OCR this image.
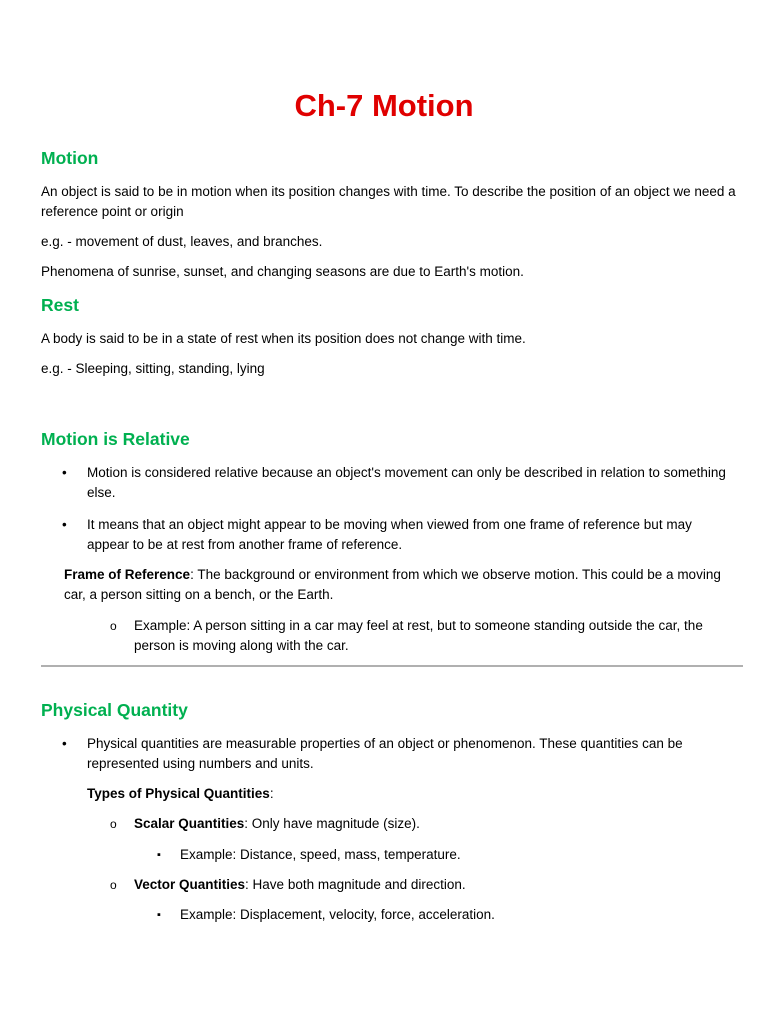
Ch-7 Motion
Motion
An object is said to be in motion when its position changes with time. To describe the position of an object we need a reference point or origin
e.g. - movement of dust, leaves, and branches.
Phenomena of sunrise, sunset, and changing seasons are due to Earth's motion.
Rest
A body is said to be in a state of rest when its position does not change with time.
e.g. - Sleeping, sitting, standing, lying
Motion is Relative
• Motion is considered relative because an object's movement can only be described in relation to something else.
• It means that an object might appear to be moving when viewed from one frame of reference but may appear to be at rest from another frame of reference.
Frame of Reference: The background or environment from which we observe motion. This could be a moving car, a person sitting on a bench, or the Earth.
o Example: A person sitting in a car may feel at rest, but to someone standing outside the car, the person is moving along with the car.
Physical Quantity
• Physical quantities are measurable properties of an object or phenomenon. These quantities can be represented using numbers and units.
Types of Physical Quantities:
o Scalar Quantities: Only have magnitude (size).
▪ Example: Distance, speed, mass, temperature.
o Vector Quantities: Have both magnitude and direction.
▪ Example: Displacement, velocity, force, acceleration.
